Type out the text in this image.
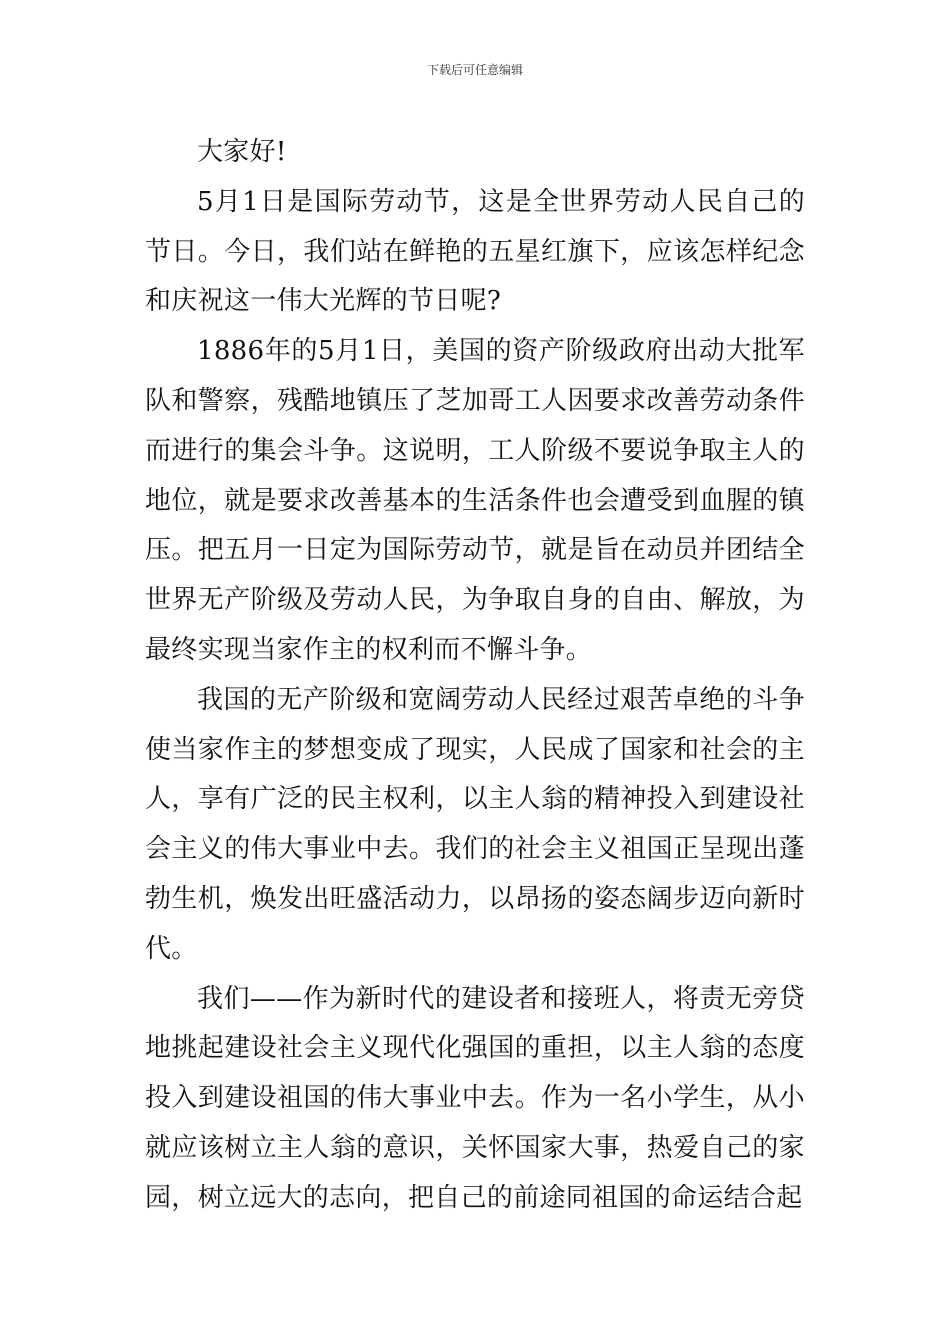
下载后可任意编辑

大家好!

5月1日是国际劳动节，这是全世界劳动人民自己的节日。今日，我们站在鲜艳的五星红旗下，应该怎样纪念和庆祝这一伟大光辉的节日呢?

1886年的5月1日，美国的资产阶级政府出动大批军队和警察，残酷地镇压了芝加哥工人因要求改善劳动条件而进行的集会斗争。这说明，工人阶级不要说争取主人的地位，就是要求改善基本的生活条件也会遭受到血腥的镇压。把五月一日定为国际劳动节，就是旨在动员并团结全世界无产阶级及劳动人民，为争取自身的自由、解放，为最终实现当家作主的权利而不懈斗争。

我国的无产阶级和宽阔劳动人民经过艰苦卓绝的斗争使当家作主的梦想变成了现实，人民成了国家和社会的主人，享有广泛的民主权利，以主人翁的精神投入到建设社会主义的伟大事业中去。我们的社会主义祖国正呈现出蓬勃生机，焕发出旺盛活动力，以昂扬的姿态阔步迈向新时代。

我们——作为新时代的建设者和接班人，将责无旁贷地挑起建设社会主义现代化强国的重担，以主人翁的态度投入到建设祖国的伟大事业中去。作为一名小学生，从小就应该树立主人翁的意识，关怀国家大事，热爱自己的家园，树立远大的志向，把自己的前途同祖国的命运结合起
